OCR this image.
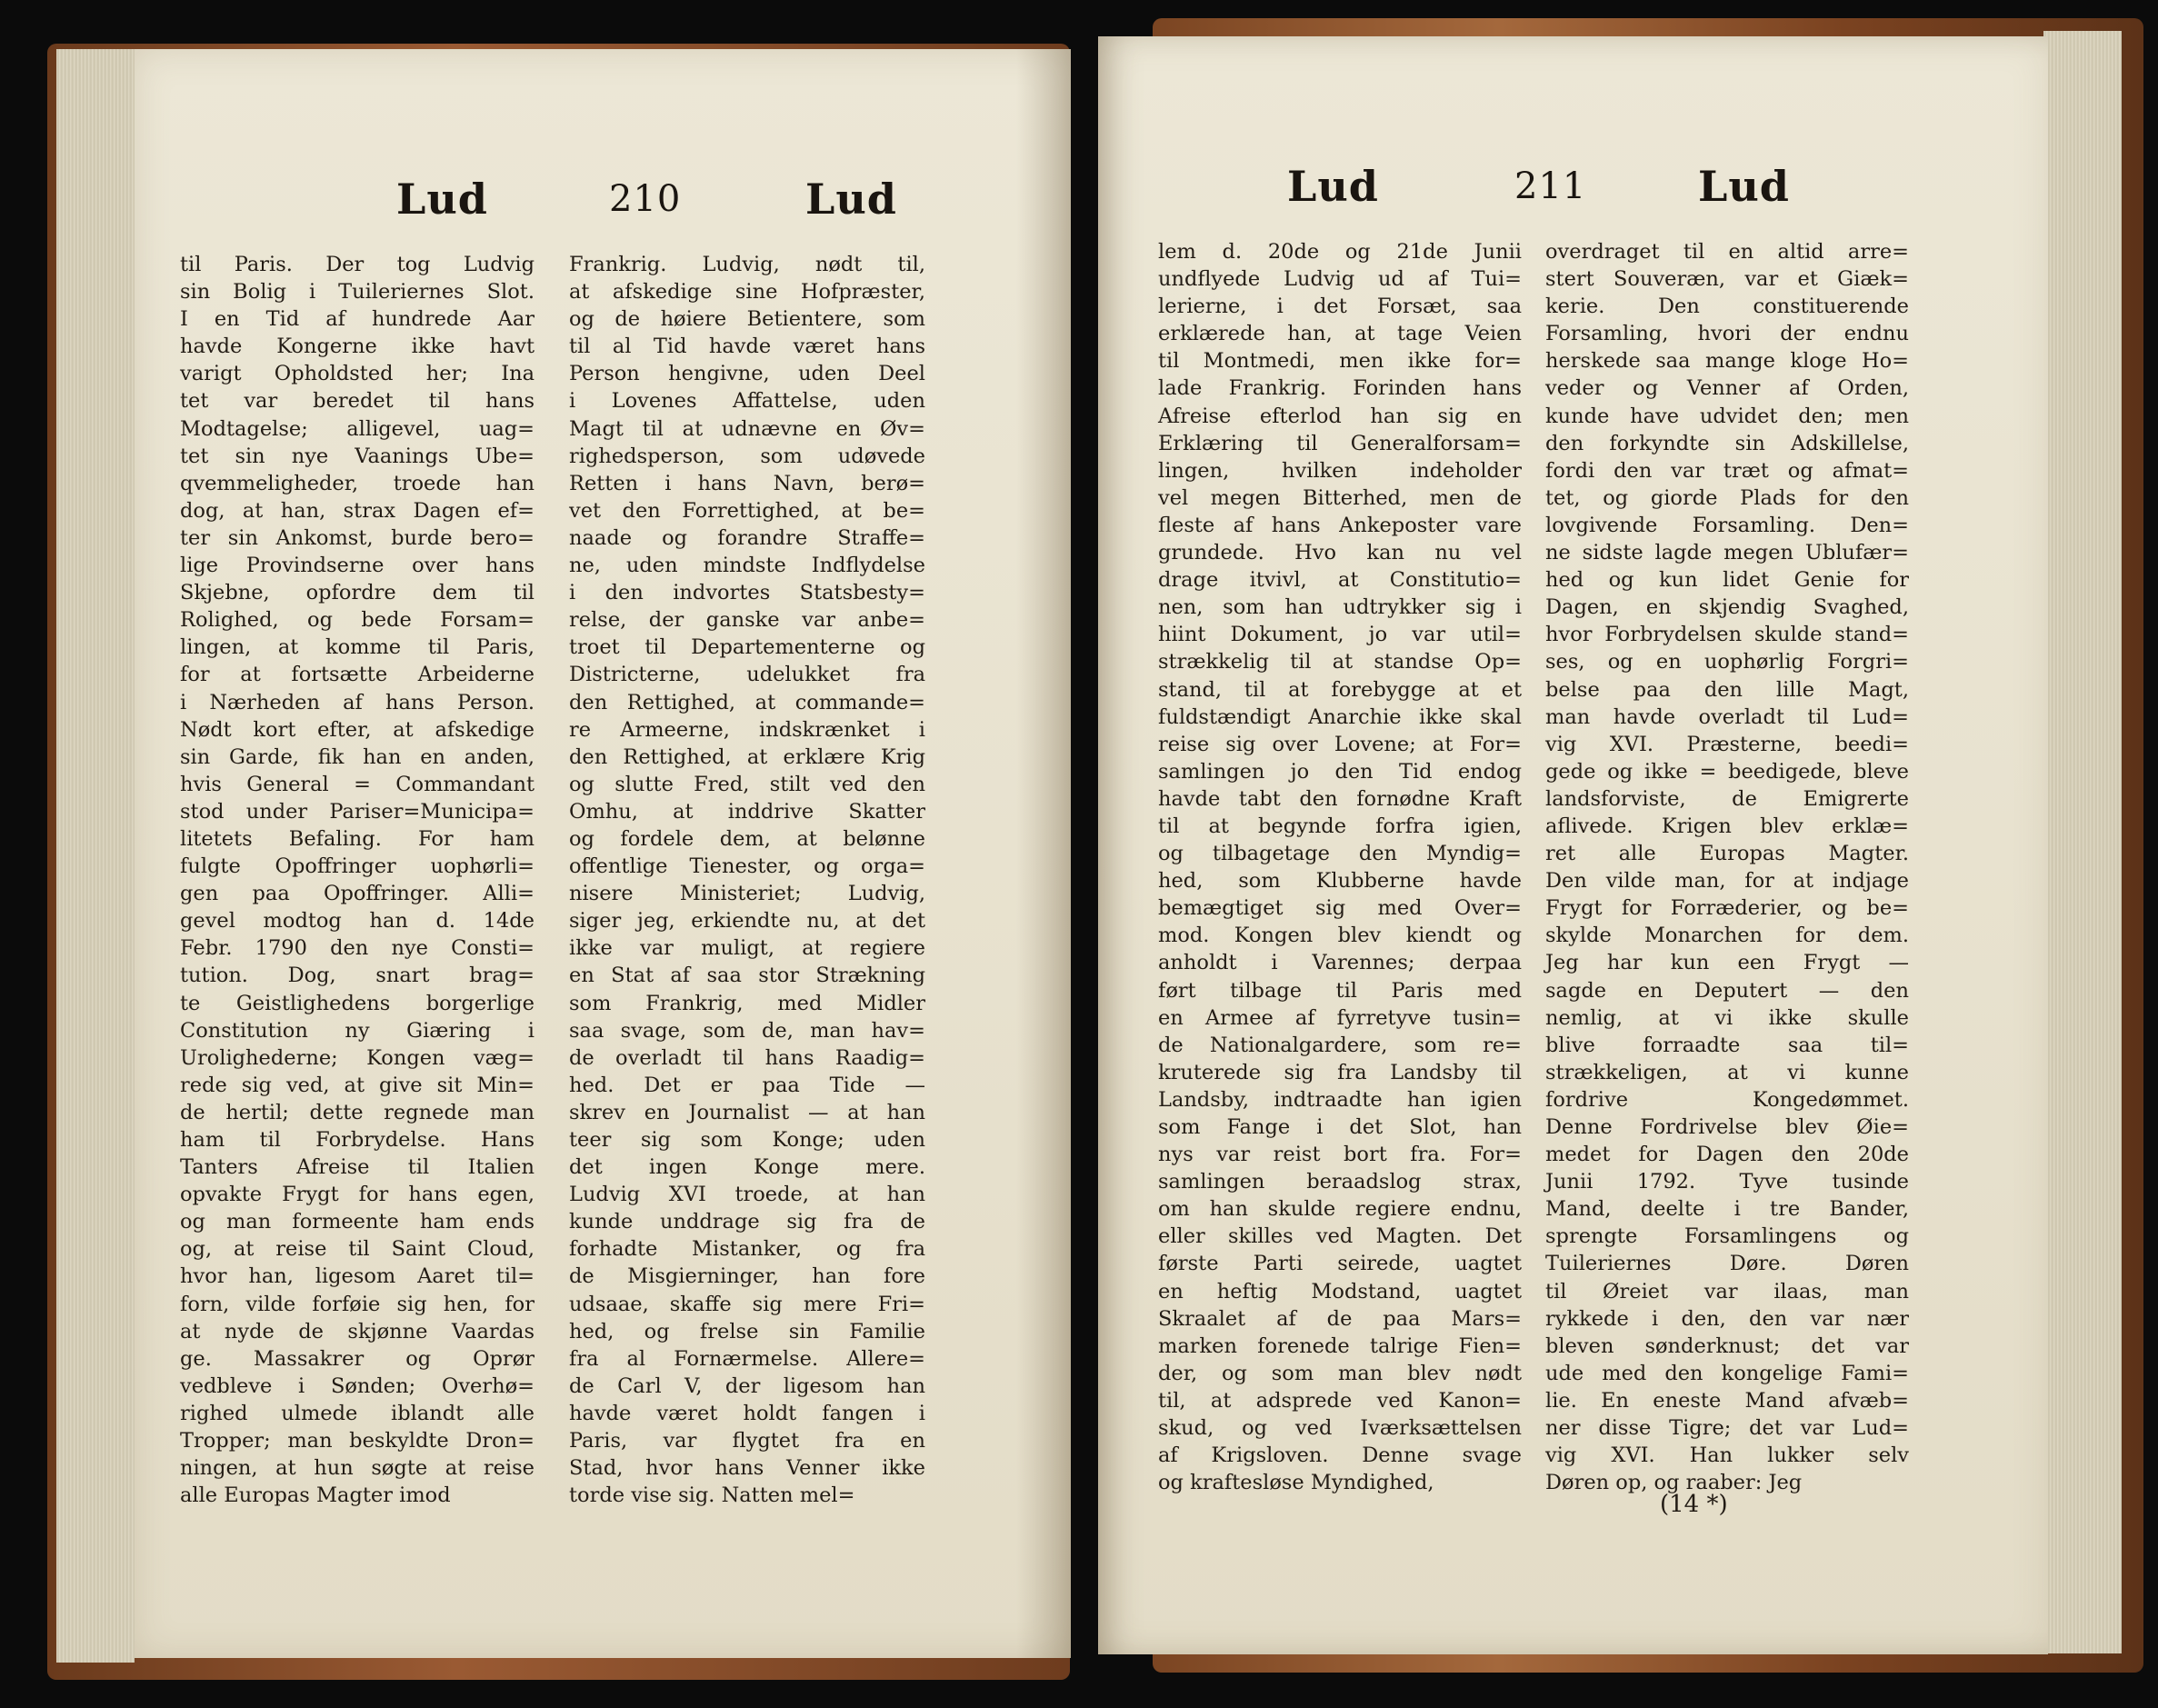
Lud	210	Lud
til Paris. Der tog Ludvig
sin Bolig i Tuileriernes Slot.
I en Tid af hundrede Aar
havde Kongerne ikke havt
varigt Opholdsted her; Ina
tet var beredet til hans
Modtagelse; alligevel, uag=
tet sin nye Vaanings Ube=
qvemmeligheder, troede han
dog, at han, strax Dagen ef=
ter sin Ankomst, burde bero=
lige Provindserne over hans
Skjebne, opfordre dem til
Rolighed, og bede Forsam=
lingen, at komme til Paris,
for at fortsætte Arbeiderne
i Nærheden af hans Person.
Nødt kort efter, at afskedige
sin Garde, fik han en anden,
hvis General = Commandant
stod under Pariser=Municipa=
litetets Befaling. For ham
fulgte Opoffringer uophørli=
gen paa Opoffringer. Alli=
gevel modtog han d. 14de
Febr. 1790 den nye Consti=
tution. Dog, snart brag=
te Geistlighedens borgerlige
Constitution ny Giæring i
Urolighederne; Kongen væg=
rede sig ved, at give sit Min=
de hertil; dette regnede man
ham til Forbrydelse. Hans
Tanters Afreise til Italien
opvakte Frygt for hans egen,
og man formeente ham ends
og, at reise til Saint Cloud,
hvor han, ligesom Aaret til=
forn, vilde forføie sig hen, for
at nyde de skjønne Vaardas
ge. Massakrer og Oprør
vedbleve i Sønden; Overhø=
righed ulmede iblandt alle
Tropper; man beskyldte Dron=
ningen, at hun søgte at reise
alle Europas Magter imod
Frankrig. Ludvig, nødt til,
at afskedige sine Hofpræster,
og de høiere Betientere, som
til al Tid havde været hans
Person hengivne, uden Deel
i Lovenes Affattelse, uden
Magt til at udnævne en Øv=
righedsperson, som udøvede
Retten i hans Navn, berø=
vet den Forrettighed, at be=
naade og forandre Straffe=
ne, uden mindste Indflydelse
i den indvortes Statsbesty=
relse, der ganske var anbe=
troet til Departementerne og
Districterne, udelukket fra
den Rettighed, at commande=
re Armeerne, indskrænket i
den Rettighed, at erklære Krig
og slutte Fred, stilt ved den
Omhu, at inddrive Skatter
og fordele dem, at belønne
offentlige Tienester, og orga=
nisere Ministeriet; Ludvig,
siger jeg, erkiendte nu, at det
ikke var muligt, at regiere
en Stat af saa stor Strækning
som Frankrig, med Midler
saa svage, som de, man hav=
de overladt til hans Raadig=
hed. Det er paa Tide —
skrev en Journalist — at han
teer sig som Konge; uden
det ingen Konge mere.
Ludvig XVI troede, at han
kunde unddrage sig fra de
forhadte Mistanker, og fra
de Misgierninger, han fore
udsaae, skaffe sig mere Fri=
hed, og frelse sin Familie
fra al Fornærmelse. Allere=
de Carl V, der ligesom han
havde været holdt fangen i
Paris, var flygtet fra en
Stad, hvor hans Venner ikke
torde vise sig. Natten mel=
Lud	211	Lud
lem d. 20de og 21de Junii
undflyede Ludvig ud af Tui=
lerierne, i det Forsæt, saa
erklærede han, at tage Veien
til Montmedi, men ikke for=
lade Frankrig. Forinden hans
Afreise efterlod han sig en
Erklæring til Generalforsam=
lingen, hvilken indeholder
vel megen Bitterhed, men de
fleste af hans Ankeposter vare
grundede. Hvo kan nu vel
drage itvivl, at Constitutio=
nen, som han udtrykker sig i
hiint Dokument, jo var util=
strækkelig til at standse Op=
stand, til at forebygge at et
fuldstændigt Anarchie ikke skal
reise sig over Lovene; at For=
samlingen jo den Tid endog
havde tabt den fornødne Kraft
til at begynde forfra igien,
og tilbagetage den Myndig=
hed, som Klubberne havde
bemægtiget sig med Over=
mod. Kongen blev kiendt og
anholdt i Varennes; derpaa
ført tilbage til Paris med
en Armee af fyrretyve tusin=
de Nationalgardere, som re=
kruterede sig fra Landsby til
Landsby, indtraadte han igien
som Fange i det Slot, han
nys var reist bort fra. For=
samlingen beraadslog strax,
om han skulde regiere endnu,
eller skilles ved Magten. Det
første Parti seirede, uagtet
en heftig Modstand, uagtet
Skraalet af de paa Mars=
marken forenede talrige Fien=
der, og som man blev nødt
til, at adsprede ved Kanon=
skud, og ved Iværksættelsen
af Krigsloven. Denne svage
og kraftesløse Myndighed,
overdraget til en altid arre=
stert Souveræn, var et Giæk=
kerie. Den constituerende
Forsamling, hvori der endnu
herskede saa mange kloge Ho=
veder og Venner af Orden,
kunde have udvidet den; men
den forkyndte sin Adskillelse,
fordi den var træt og afmat=
tet, og giorde Plads for den
lovgivende Forsamling. Den=
ne sidste lagde megen Ublufær=
hed og kun lidet Genie for
Dagen, en skjendig Svaghed,
hvor Forbrydelsen skulde stand=
ses, og en uophørlig Forgri=
belse paa den lille Magt,
man havde overladt til Lud=
vig XVI. Præsterne, beedi=
gede og ikke = beedigede, bleve
landsforviste, de Emigrerte
aflivede. Krigen blev erklæ=
ret alle Europas Magter.
Den vilde man, for at indjage
Frygt for Forræderier, og be=
skylde Monarchen for dem.
Jeg har kun een Frygt —
sagde en Deputert — den
nemlig, at vi ikke skulle
blive forraadte saa til=
strækkeligen, at vi kunne
fordrive Kongedømmet.
Denne Fordrivelse blev Øie=
medet for Dagen den 20de
Junii 1792. Tyve tusinde
Mand, deelte i tre Bander,
sprengte Forsamlingens og
Tuileriernes Døre. Døren
til Øreiet var ilaas, man
rykkede i den, den var nær
bleven sønderknust; det var
ude med den kongelige Fami=
lie. En eneste Mand afvæb=
ner disse Tigre; det var Lud=
vig XVI. Han lukker selv
Døren op, og raaber: Jeg
(14 *)
